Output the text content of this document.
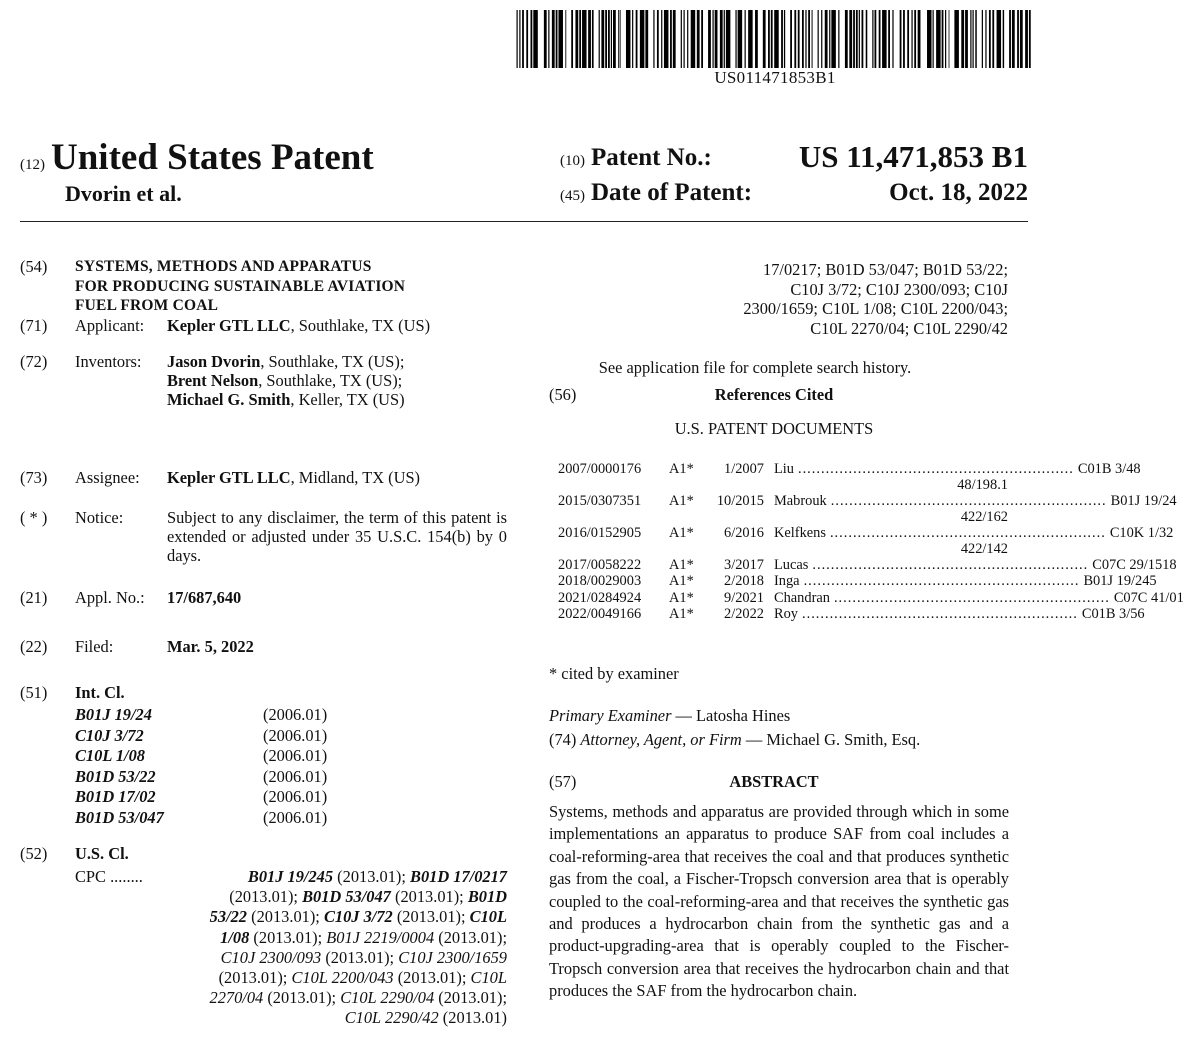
US011471853B1
(12) United States Patent
Dvorin et al.
(10) Patent No.:	US 11,471,853 B1
(45) Date of Patent:	Oct. 18, 2022
(54) SYSTEMS, METHODS AND APPARATUS
FOR PRODUCING SUSTAINABLE AVIATION
FUEL FROM COAL
(71) Applicant: Kepler GTL LLC, Southlake, TX (US)
(72) Inventors: Jason Dvorin, Southlake, TX (US);
Brent Nelson, Southlake, TX (US);
Michael G. Smith, Keller, TX (US)
(73) Assignee: Kepler GTL LLC, Midland, TX (US)
( * ) Notice:	Subject to any disclaimer, the term of this patent is extended or adjusted under 35 U.S.C. 154(b) by 0 days.
(21) Appl. No.: 17/687,640
(22) Filed:	Mar. 5, 2022
(51) Int. Cl.
B01J 19/24	(2006.01)
C10J 3/72	(2006.01)
C10L 1/08	(2006.01)
B01D 53/22	(2006.01)
B01D 17/02	(2006.01)
B01D 53/047	(2006.01)
(52) U.S. Cl.
CPC ........	B01J 19/245 (2013.01); B01D 17/0217
(2013.01); B01D 53/047 (2013.01); B01D
53/22 (2013.01); C10J 3/72 (2013.01); C10L
1/08 (2013.01); B01J 2219/0004 (2013.01);
C10J 2300/093 (2013.01); C10J 2300/1659
(2013.01); C10L 2200/043 (2013.01); C10L
2270/04 (2013.01); C10L 2290/04 (2013.01);
C10L 2290/42 (2013.01)
17/0217; B01D 53/047; B01D 53/22;
C10J 3/72; C10J 2300/093; C10J
2300/1659; C10L 1/08; C10L 2200/043;
C10L 2270/04; C10L 2290/42
See application file for complete search history.
References Cited
(56)
U.S. PATENT DOCUMENTS
2007/0000176 A1*	1/2007 Liu ............................................................ C01B 3/48
48/198.1
2015/0307351 A1* 10/2015 Mabrouk ............................................................ B01J 19/24
422/162
2016/0152905 A1*	6/2016 Kelfkens ............................................................ C10K 1/32
422/142
2017/0058222 A1*	3/2017 Lucas ............................................................ C07C 29/1518
2018/0029003 A1*	2/2018 Inga ............................................................ B01J 19/245
2021/0284924 A1*	9/2021 Chandran ............................................................ C07C 41/01
2022/0049166 A1*	2/2022 Roy ............................................................ C01B 3/56
* cited by examiner
Primary Examiner — Latosha Hines
(74) Attorney, Agent, or Firm — Michael G. Smith, Esq.
ABSTRACT
(57)
Systems, methods and apparatus are provided through which in some implementations an apparatus to produce SAF from coal includes a coal-reforming-area that receives the coal and that produces synthetic gas from the coal, a Fischer-Tropsch conversion area that is operably coupled to the coal-reforming-area and that receives the synthetic gas and produces a hydrocarbon chain from the synthetic gas and a product-upgrading-area that is operably coupled to the Fischer-Tropsch conversion area that receives the hydrocarbon chain and that produces the SAF from the hydrocarbon chain.
